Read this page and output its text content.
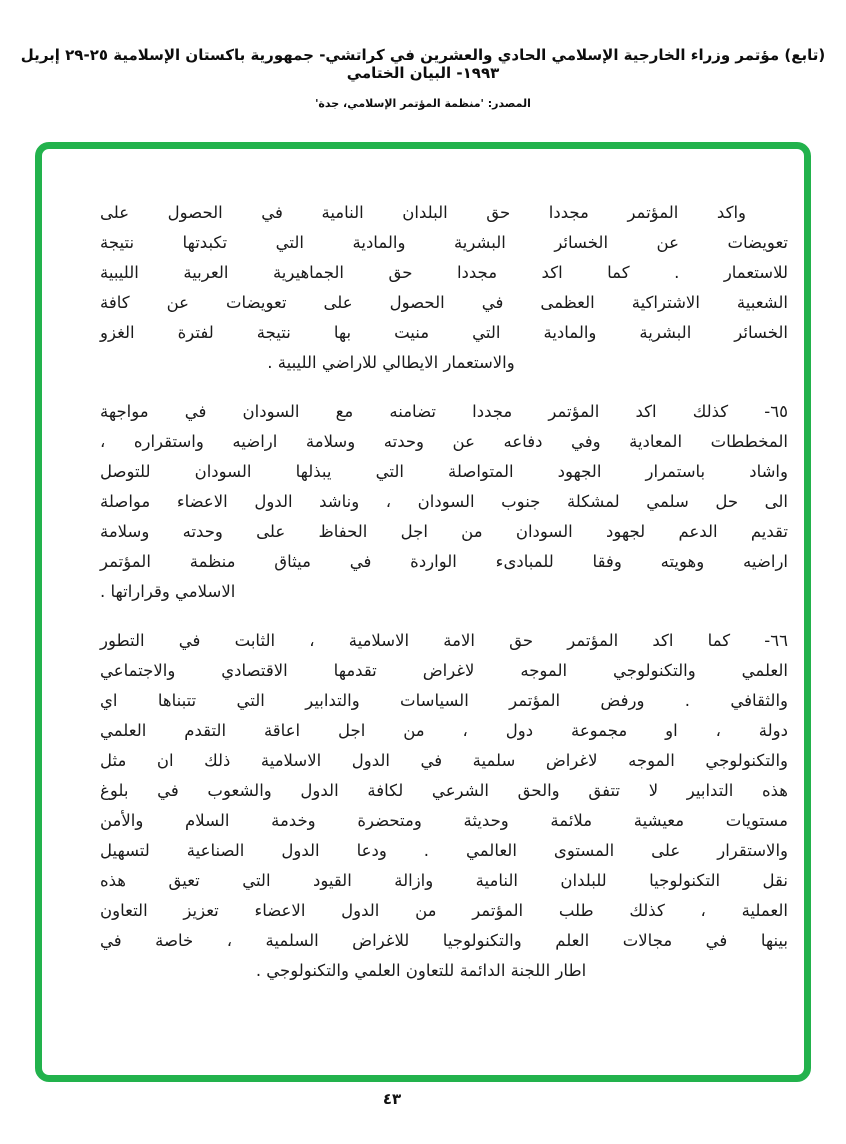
(تابع) مؤتمر وزراء الخارجية الإسلامي الحادي والعشرين في كراتشي- جمهورية باكستان الإسلامية ٢٥-٢٩ إبريل ١٩٩٣- البيان الختامي
المصدر: 'منظمة المؤتمر الإسلامي، جدة'
واكد المؤتمر مجددا حق البلدان النامية في الحصول على
تعويضات عن الخسائر البشرية والمادية التي تكبدتها نتيجة
للاستعمار . كما اكد مجددا حق الجماهيرية العربية الليبية
الشعبية الاشتراكية العظمى في الحصول على تعويضات عن كافة
الخسائر البشرية والمادية التي منيت بها نتيجة لفترة الغزو
والاستعمار الايطالي للاراضي الليبية .
٦٥- كذلك اكد المؤتمر مجددا تضامنه مع السودان في مواجهة
المخططات المعادية وفي دفاعه عن وحدته وسلامة اراضيه واستقراره ،
واشاد باستمرار الجهود المتواصلة التي يبذلها السودان للتوصل
الى حل سلمي لمشكلة جنوب السودان ، وناشد الدول الاعضاء مواصلة
تقديم الدعم لجهود السودان من اجل الحفاظ على وحدته وسلامة
اراضيه وهويته وفقا للمبادىء الواردة في ميثاق منظمة المؤتمر
الاسلامي وقراراتها .
٦٦- كما اكد المؤتمر حق الامة الاسلامية ، الثابت في التطور
العلمي والتكنولوجي الموجه لاغراض تقدمها الاقتصادي والاجتماعي
والثقافي . ورفض المؤتمر السياسات والتدابير التي تتبناها اي
دولة ، او مجموعة دول ، من اجل اعاقة التقدم العلمي
والتكنولوجي الموجه لاغراض سلمية في الدول الاسلامية ذلك ان مثل
هذه التدابير لا تتفق والحق الشرعي لكافة الدول والشعوب في بلوغ
مستويات معيشية ملائمة وحديثة ومتحضرة وخدمة السلام والأمن
والاستقرار على المستوى العالمي . ودعا الدول الصناعية لتسهيل
نقل التكنولوجيا للبلدان النامية وازالة القيود التي تعيق هذه
العملية ، كذلك طلب المؤتمر من الدول الاعضاء تعزيز التعاون
بينها في مجالات العلم والتكنولوجيا للاغراض السلمية ، خاصة في
اطار اللجنة الدائمة للتعاون العلمي والتكنولوجي .
٤٣
